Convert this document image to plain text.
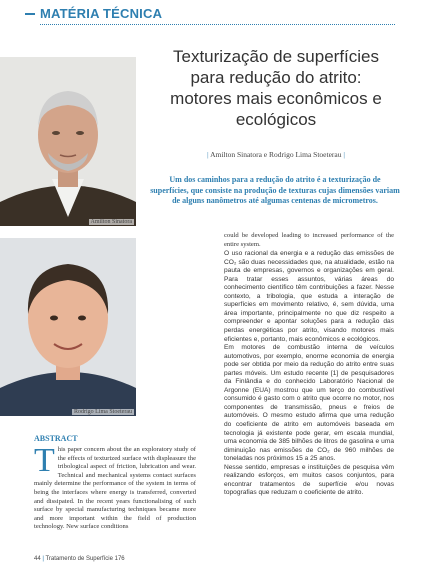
MATÉRIA TÉCNICA
Amilton Sinatora
Rodrigo Lima Stoeterau
Texturização de superfícies para redução do atrito: motores mais econômicos e ecológicos
| Amilton Sinatora e Rodrigo Lima Stoeterau |
Um dos caminhos para a redução do atrito é a texturização de superfícies, que consiste na produção de texturas cujas dimensões variam de alguns nanômetros até algumas centenas de micrometros.
ABSTRACT
This paper concern about the an exploratory study of the effects of texturized surface with displeasure the tribological aspect of friction, lubrication and wear. Technical and mechanical systems contact surfaces mainly determine the performance of the system in terms of being the interfaces where energy is transferred, converted and dissipated. In the recent years functionalising of such surface by special manufacturing techniques became more and more important within the field of production technology. New surface conditions
could be developed leading to increased performance of the entire system.

O uso racional da energia e a redução das emissões de CO₂ são duas necessidades que, na atualidade, estão na pauta de empresas, governos e organizações em geral. Para tratar esses assuntos, várias áreas do conhecimento científico têm contribuições a fazer. Nesse contexto, a tribologia, que estuda a interação de superfícies em movimento relativo, é, sem dúvida, uma área importante, principalmente no que diz respeito a compreender e apontar soluções para a redução das perdas energéticas por atrito, visando motores mais eficientes e, portanto, mais econômicos e ecológicos.

Em motores de combustão interna de veículos automotivos, por exemplo, enorme economia de energia pode ser obtida por meio da redução do atrito entre suas partes móveis. Um estudo recente [1] de pesquisadores da Finlândia e do conhecido Laboratório Nacional de Argonne (EUA) mostrou que um terço do combustível consumido é gasto com o atrito que ocorre no motor, nos componentes de transmissão, pneus e freios de automóveis. O mesmo estudo afirma que uma redução do coeficiente de atrito em automóveis baseada em tecnologia já existente pode gerar, em escala mundial, uma economia de 385 bilhões de litros de gasolina e uma diminuição nas emissões de CO₂ de 960 milhões de toneladas nos próximos 15 a 25 anos.

Nesse sentido, empresas e instituições de pesquisa vêm realizando esforços, em muitos casos conjuntos, para encontrar tratamentos de superfície e/ou novas topografias que reduzam o coeficiente de atrito.

44 | Tratamento de Superfície 176
